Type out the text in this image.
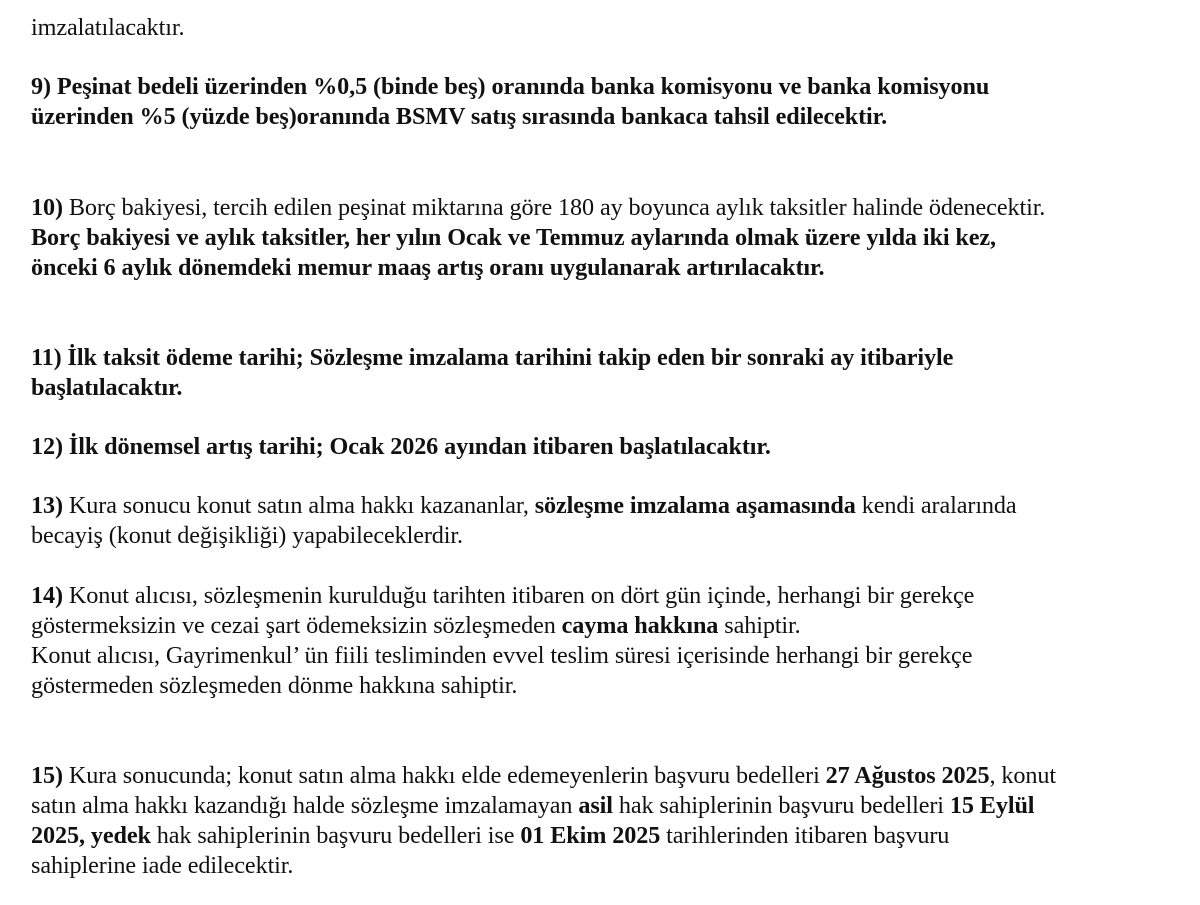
imzalatılacaktır.
9) Peşinat bedeli üzerinden %0,5 (binde beş) oranında banka komisyonu ve banka komisyonu
üzerinden %5 (yüzde beş)oranında BSMV satış sırasında bankaca tahsil edilecektir.
10) Borç bakiyesi, tercih edilen peşinat miktarına göre 180 ay boyunca aylık taksitler halinde ödenecektir.
Borç bakiyesi ve aylık taksitler, her yılın Ocak ve Temmuz aylarında olmak üzere yılda iki kez,
önceki 6 aylık dönemdeki memur maaş artış oranı uygulanarak artırılacaktır.
11) İlk taksit ödeme tarihi; Sözleşme imzalama tarihini takip eden bir sonraki ay itibariyle
başlatılacaktır.
12) İlk dönemsel artış tarihi; Ocak 2026 ayından itibaren başlatılacaktır.
13) Kura sonucu konut satın alma hakkı kazananlar, sözleşme imzalama aşamasında kendi aralarında
becayiş (konut değişikliği) yapabileceklerdir.
14) Konut alıcısı, sözleşmenin kurulduğu tarihten itibaren on dört gün içinde, herhangi bir gerekçe
göstermeksizin ve cezai şart ödemeksizin sözleşmeden cayma hakkına sahiptir.
Konut alıcısı, Gayrimenkul’ ün fiili tesliminden evvel teslim süresi içerisinde herhangi bir gerekçe
göstermeden sözleşmeden dönme hakkına sahiptir.
15) Kura sonucunda; konut satın alma hakkı elde edemeyenlerin başvuru bedelleri 27 Ağustos 2025, konut
satın alma hakkı kazandığı halde sözleşme imzalamayan asil hak sahiplerinin başvuru bedelleri 15 Eylül
2025, yedek hak sahiplerinin başvuru bedelleri ise 01 Ekim 2025 tarihlerinden itibaren başvuru
sahiplerine iade edilecektir.
